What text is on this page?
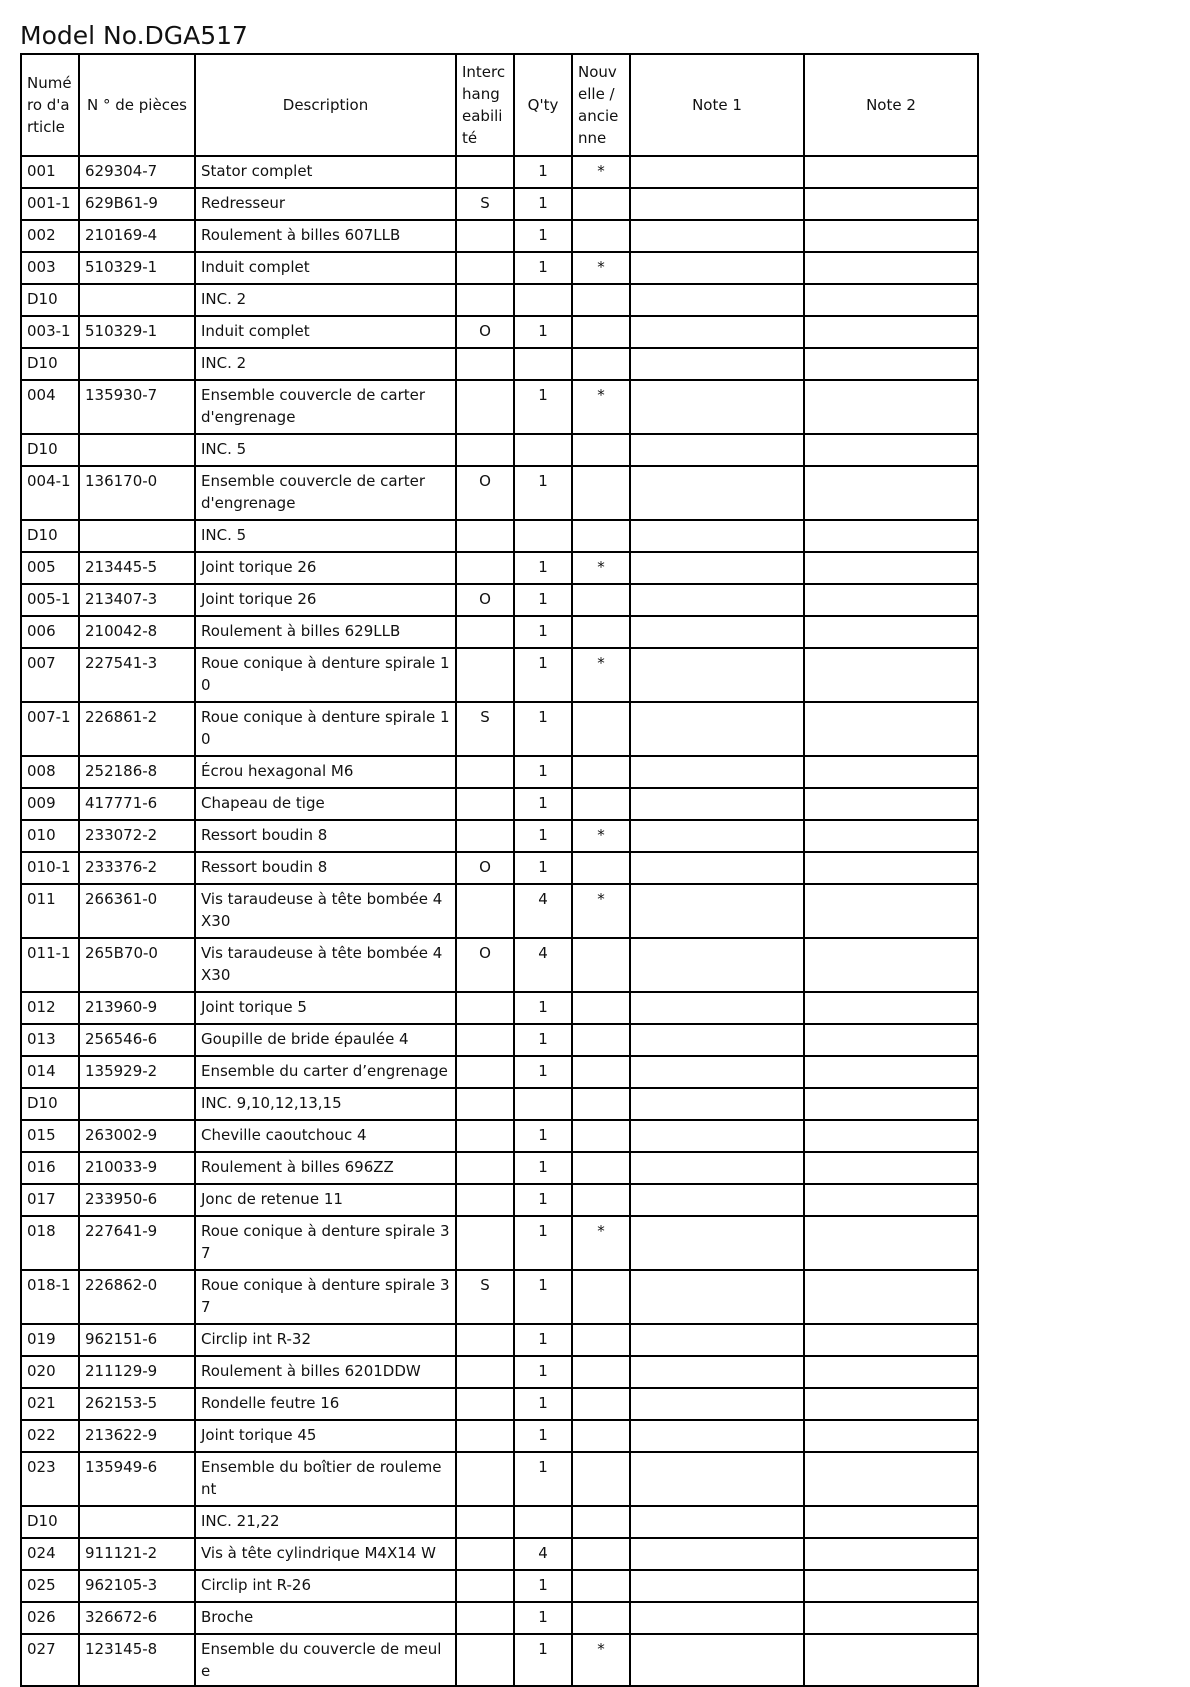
Model No.DGA517
Numéro d'article	N ° de pièces	Description	Interchangeabilité	Q'ty	Nouvelle / ancienne	Note 1	Note 2
001	629304-7	Stator complet		1	*		
001-1	629B61-9	Redresseur	S	1			
002	210169-4	Roulement à billes 607LLB		1			
003	510329-1	Induit complet		1	*		
D10		INC. 2					
003-1	510329-1	Induit complet	O	1			
D10		INC. 2					
004	135930-7	Ensemble couvercle de carter d'engrenage		1	*		
D10		INC. 5					
004-1	136170-0	Ensemble couvercle de carter d'engrenage	O	1			
D10		INC. 5					
005	213445-5	Joint torique 26		1	*		
005-1	213407-3	Joint torique 26	O	1			
006	210042-8	Roulement à billes 629LLB		1			
007	227541-3	Roue conique à denture spirale 10		1	*		
007-1	226861-2	Roue conique à denture spirale 10	S	1			
008	252186-8	Écrou hexagonal M6		1			
009	417771-6	Chapeau de tige		1			
010	233072-2	Ressort boudin 8		1	*		
010-1	233376-2	Ressort boudin 8	O	1			
011	266361-0	Vis taraudeuse à tête bombée 4X30		4	*		
011-1	265B70-0	Vis taraudeuse à tête bombée 4X30	O	4			
012	213960-9	Joint torique 5		1			
013	256546-6	Goupille de bride épaulée 4		1			
014	135929-2	Ensemble du carter d’engrenage		1			
D10		INC. 9,10,12,13,15					
015	263002-9	Cheville caoutchouc 4		1			
016	210033-9	Roulement à billes 696ZZ		1			
017	233950-6	Jonc de retenue 11		1			
018	227641-9	Roue conique à denture spirale 37		1	*		
018-1	226862-0	Roue conique à denture spirale 37	S	1			
019	962151-6	Circlip int R-32		1			
020	211129-9	Roulement à billes 6201DDW		1			
021	262153-5	Rondelle feutre 16		1			
022	213622-9	Joint torique 45		1			
023	135949-6	Ensemble du boîtier de roulement		1			
D10		INC. 21,22					
024	911121-2	Vis à tête cylindrique M4X14 W		4			
025	962105-3	Circlip int R-26		1			
026	326672-6	Broche		1			
027	123145-8	Ensemble du couvercle de meule		1	*		
